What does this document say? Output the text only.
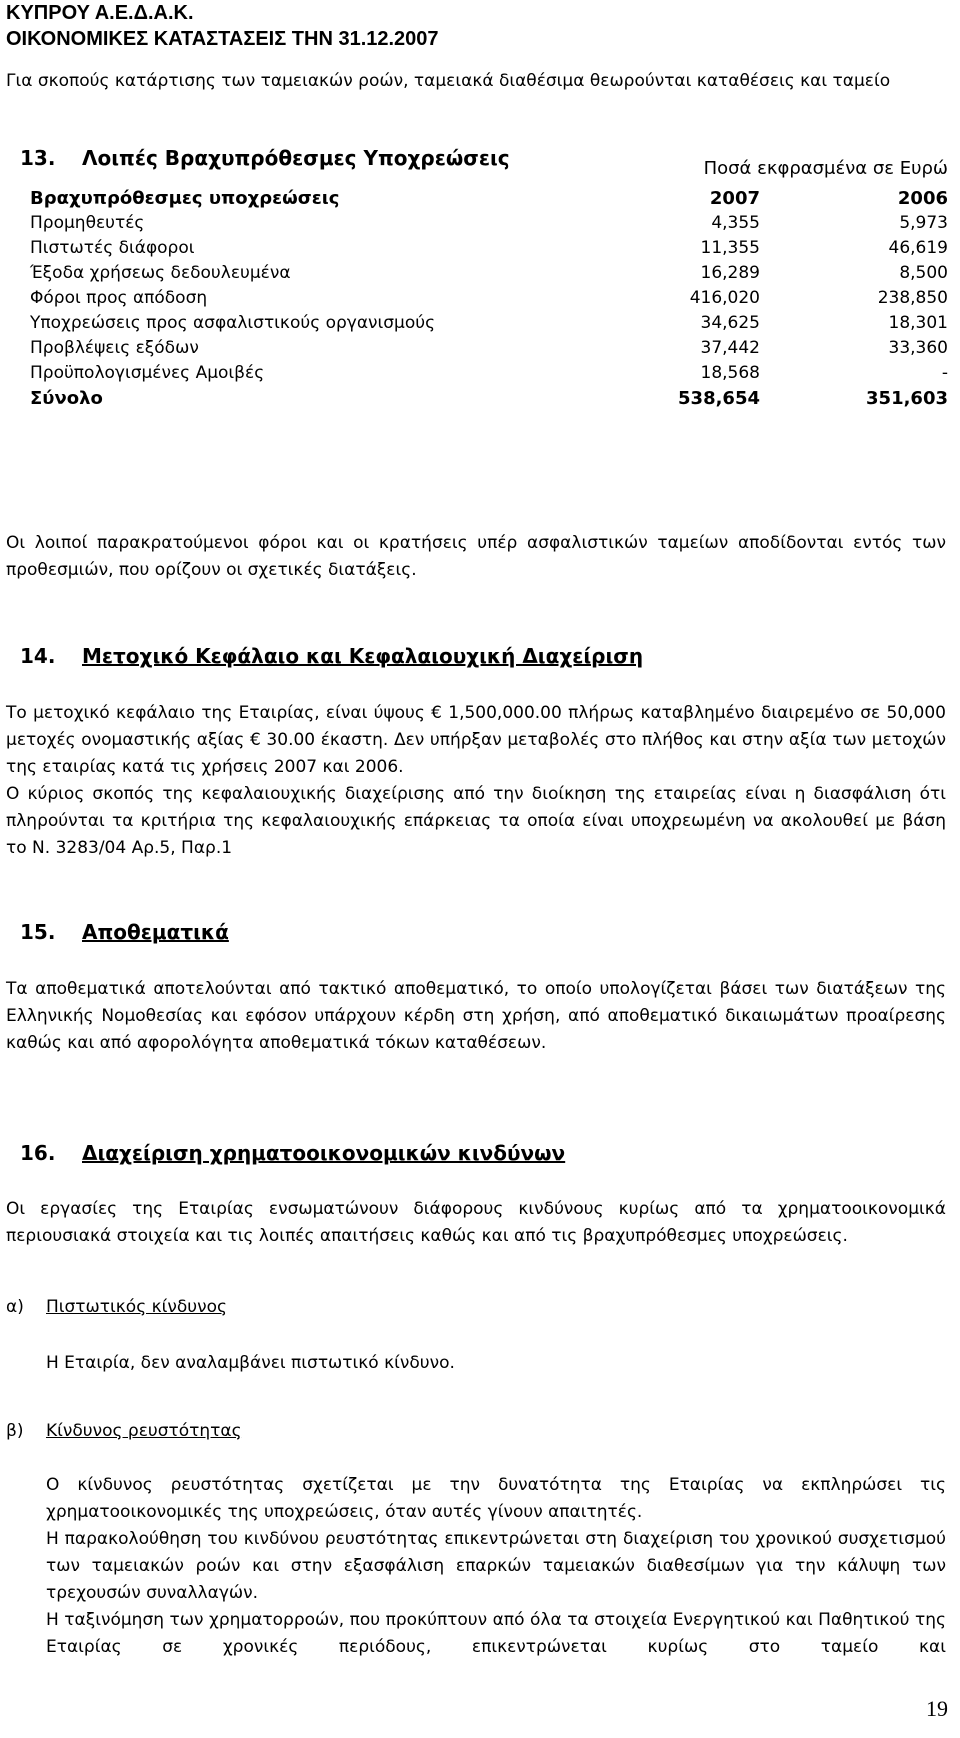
ΚΥΠΡΟΥ Α.Ε.Δ.Α.Κ.
ΟΙΚΟΝΟΜΙΚΕΣ ΚΑΤΑΣΤΑΣΕΙΣ ΤΗΝ 31.12.2007
Για σκοπούς κατάρτισης των ταμειακών ροών, ταμειακά διαθέσιμα θεωρούνται καταθέσεις και ταμείο
13. Λοιπές Βραχυπρόθεσμες Υποχρεώσεις	Ποσά εκφρασμένα σε Ευρώ
Βραχυπρόθεσμες υποχρεώσεις	2007	2006
Προμηθευτές	4,355	5,973
Πιστωτές διάφοροι	11,355	46,619
Έξοδα χρήσεως δεδουλευμένα	16,289	8,500
Φόροι προς απόδοση	416,020	238,850
Υποχρεώσεις προς ασφαλιστικούς οργανισμούς	34,625	18,301
Προβλέψεις εξόδων	37,442	33,360
Προϋπολογισμένες Αμοιβές	18,568	-
Σύνολο	538,654	351,603
Οι λοιποί παρακρατούμενοι φόροι και οι κρατήσεις υπέρ ασφαλιστικών ταμείων αποδίδονται εντός των προθεσμιών, που ορίζουν οι σχετικές διατάξεις.
14. Μετοχικό Κεφάλαιο και Κεφαλαιουχική Διαχείριση
Το μετοχικό κεφάλαιο της Εταιρίας, είναι ύψους € 1,500,000.00 πλήρως καταβλημένο διαιρεμένο σε 50,000 μετοχές ονομαστικής αξίας € 30.00 έκαστη. Δεν υπήρξαν μεταβολές στο πλήθος και στην αξία των μετοχών της εταιρίας κατά τις χρήσεις 2007 και 2006.
Ο κύριος σκοπός της κεφαλαιουχικής διαχείρισης από την διοίκηση της εταιρείας είναι η διασφάλιση ότι πληρούνται τα κριτήρια της κεφαλαιουχικής επάρκειας τα οποία είναι υποχρεωμένη να ακολουθεί με βάση το Ν. 3283/04 Αρ.5, Παρ.1
15. Αποθεματικά
Τα αποθεματικά αποτελούνται από τακτικό αποθεματικό, το οποίο υπολογίζεται βάσει των διατάξεων της Ελληνικής Νομοθεσίας και εφόσον υπάρχουν κέρδη στη χρήση, από αποθεματικό δικαιωμάτων προαίρεσης καθώς και από αφορολόγητα αποθεματικά τόκων καταθέσεων.
16. Διαχείριση χρηματοοικονομικών κινδύνων
Οι εργασίες της Εταιρίας ενσωματώνουν διάφορους κινδύνους κυρίως από τα χρηματοοικονομικά περιουσιακά στοιχεία και τις λοιπές απαιτήσεις καθώς και από τις βραχυπρόθεσμες υποχρεώσεις.
α) Πιστωτικός κίνδυνος
Η Εταιρία, δεν αναλαμβάνει πιστωτικό κίνδυνο.
β) Κίνδυνος ρευστότητας
Ο κίνδυνος ρευστότητας σχετίζεται με την δυνατότητα της Εταιρίας να εκπληρώσει τις χρηματοοικονομικές της υποχρεώσεις, όταν αυτές γίνουν απαιτητές.
Η παρακολούθηση του κινδύνου ρευστότητας επικεντρώνεται στη διαχείριση του χρονικού συσχετισμού των ταμειακών ροών και στην εξασφάλιση επαρκών ταμειακών διαθεσίμων για την κάλυψη των τρεχουσών συναλλαγών.
Η ταξινόμηση των χρηματορροών, που προκύπτουν από όλα τα στοιχεία Ενεργητικού και Παθητικού της Εταιρίας σε χρονικές περιόδους, επικεντρώνεται κυρίως στο ταμείο και
19
